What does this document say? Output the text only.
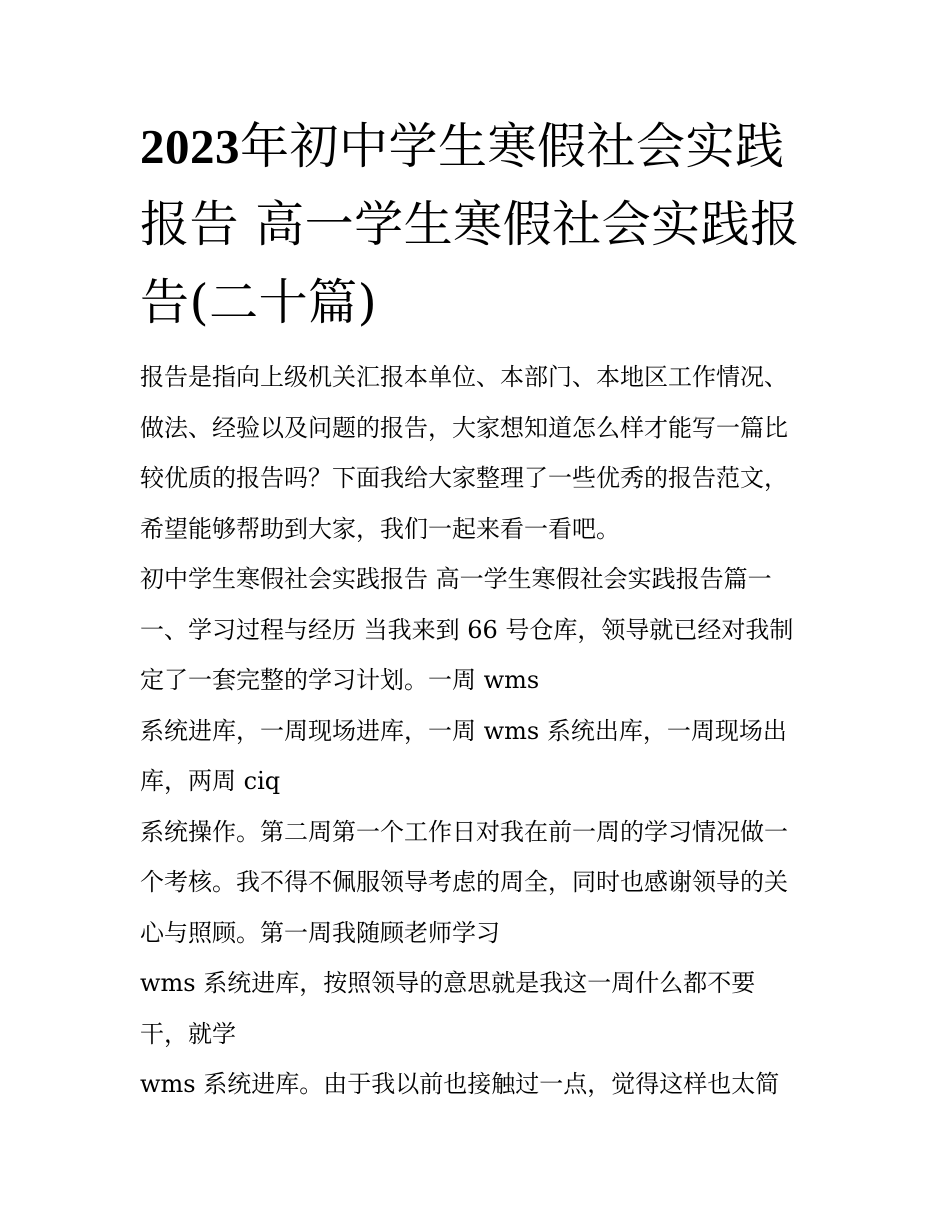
2023年初中学生寒假社会实践报告 高一学生寒假社会实践报告(二十篇)
报告是指向上级机关汇报本单位、本部门、本地区工作情况、
做法、经验以及问题的报告，大家想知道怎么样才能写一篇比
较优质的报告吗？下面我给大家整理了一些优秀的报告范文，
希望能够帮助到大家，我们一起来看一看吧。
初中学生寒假社会实践报告 高一学生寒假社会实践报告篇一
一、学习过程与经历 当我来到 66 号仓库，领导就已经对我制
定了一套完整的学习计划。一周 wms
系统进库，一周现场进库，一周 wms 系统出库，一周现场出
库，两周 ciq
系统操作。第二周第一个工作日对我在前一周的学习情况做一
个考核。我不得不佩服领导考虑的周全，同时也感谢领导的关
心与照顾。第一周我随顾老师学习
wms 系统进库，按照领导的意思就是我这一周什么都不要
干，就学
wms 系统进库。由于我以前也接触过一点，觉得这样也太简
